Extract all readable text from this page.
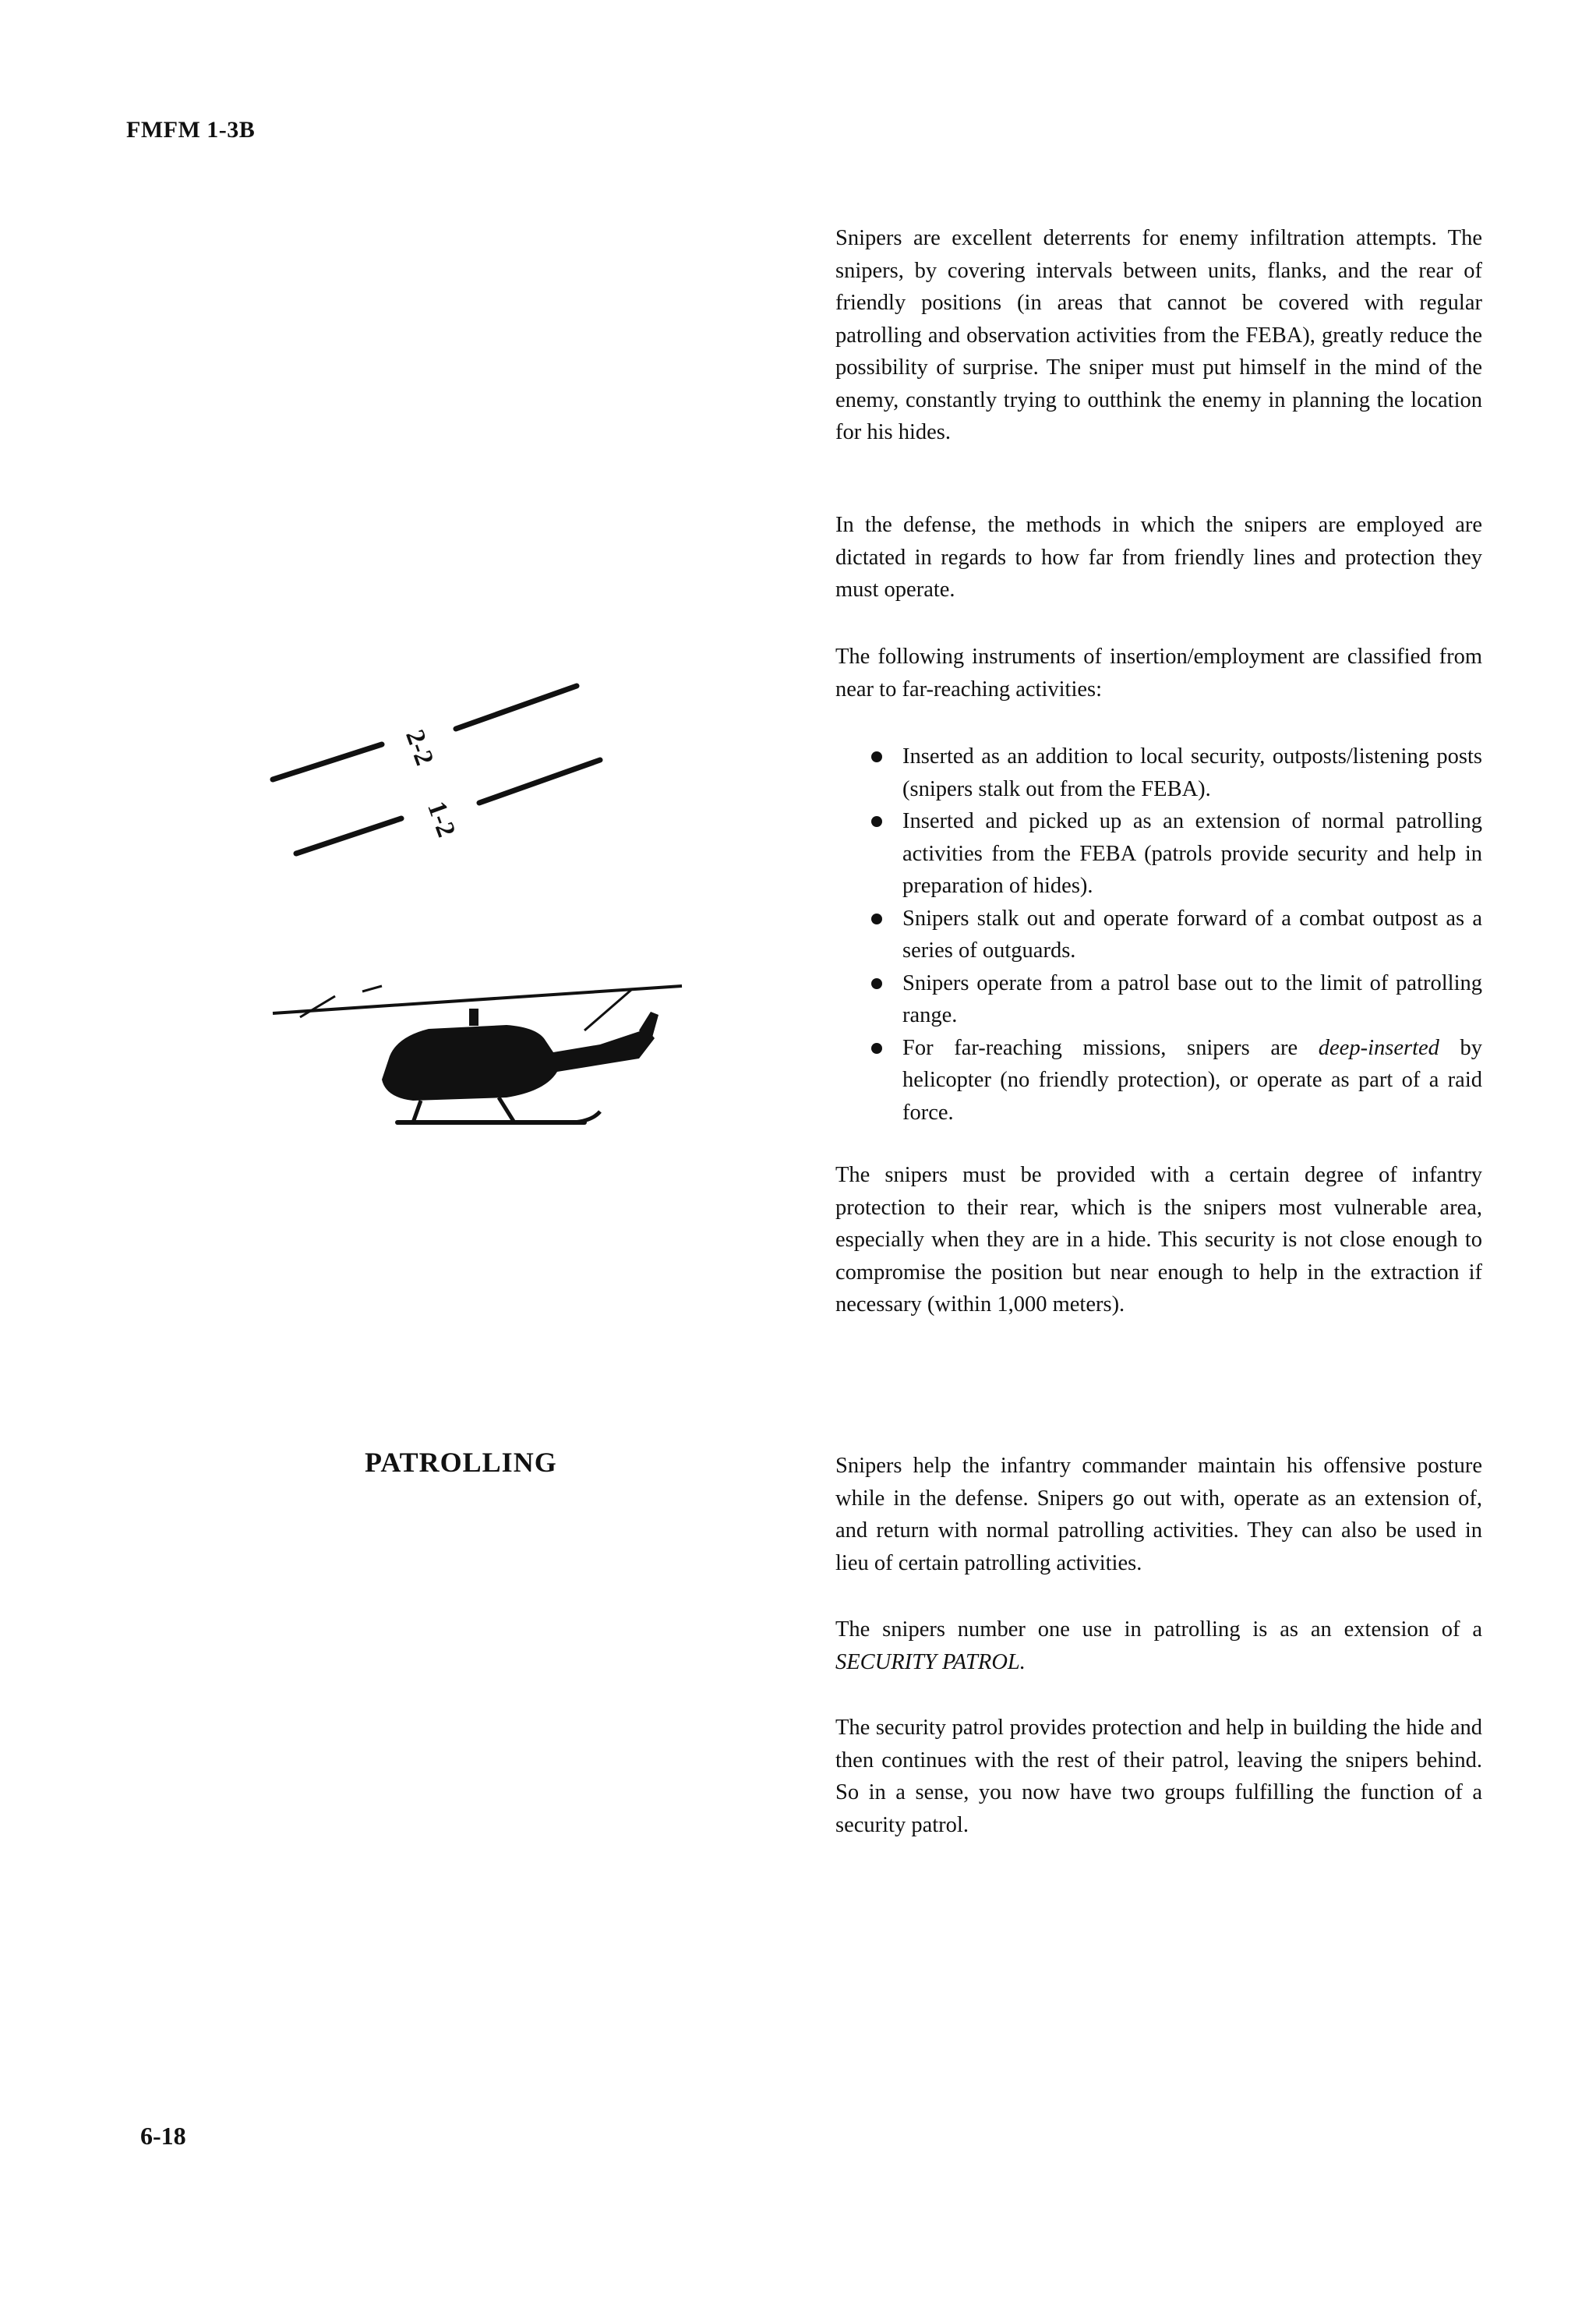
FMFM 1-3B
2-2
1-2

Snipers are excellent deterrents for enemy infiltration attempts. The snipers, by covering intervals between units, flanks, and the rear of friendly positions (in areas that cannot be covered with regular patrolling and observation activities from the FEBA), greatly reduce the possibility of surprise. The sniper must put himself in the mind of the enemy, constantly trying to outthink the enemy in planning the location for his hides.

In the defense, the methods in which the snipers are employed are dictated in regards to how far from friendly lines and protection they must operate.

The following instruments of insertion/employment are classified from near to far-reaching activities:

Inserted as an addition to local security, outposts/listening posts (snipers stalk out from the FEBA).
Inserted and picked up as an extension of normal patrolling activities from the FEBA (patrols provide security and help in preparation of hides).
Snipers stalk out and operate forward of a combat outpost as a series of outguards.
Snipers operate from a patrol base out to the limit of patrolling range.
For far-reaching missions, snipers are deep-inserted by helicopter (no friendly protection), or operate as part of a raid force.

The snipers must be provided with a certain degree of infantry protection to their rear, which is the snipers most vulnerable area, especially when they are in a hide. This security is not close enough to compromise the position but near enough to help in the extraction if necessary (within 1,000 meters).

PATROLLING	Snipers help the infantry commander maintain his offensive posture while in the defense. Snipers go out with, operate as an extension of, and return with normal patrolling activities. They can also be used in lieu of certain patrolling activities.

The snipers number one use in patrolling is as an extension of a SECURITY PATROL.

The security patrol provides protection and help in building the hide and then continues with the rest of their patrol, leaving the snipers behind. So in a sense, you now have two groups fulfilling the function of a security patrol.

6-18
